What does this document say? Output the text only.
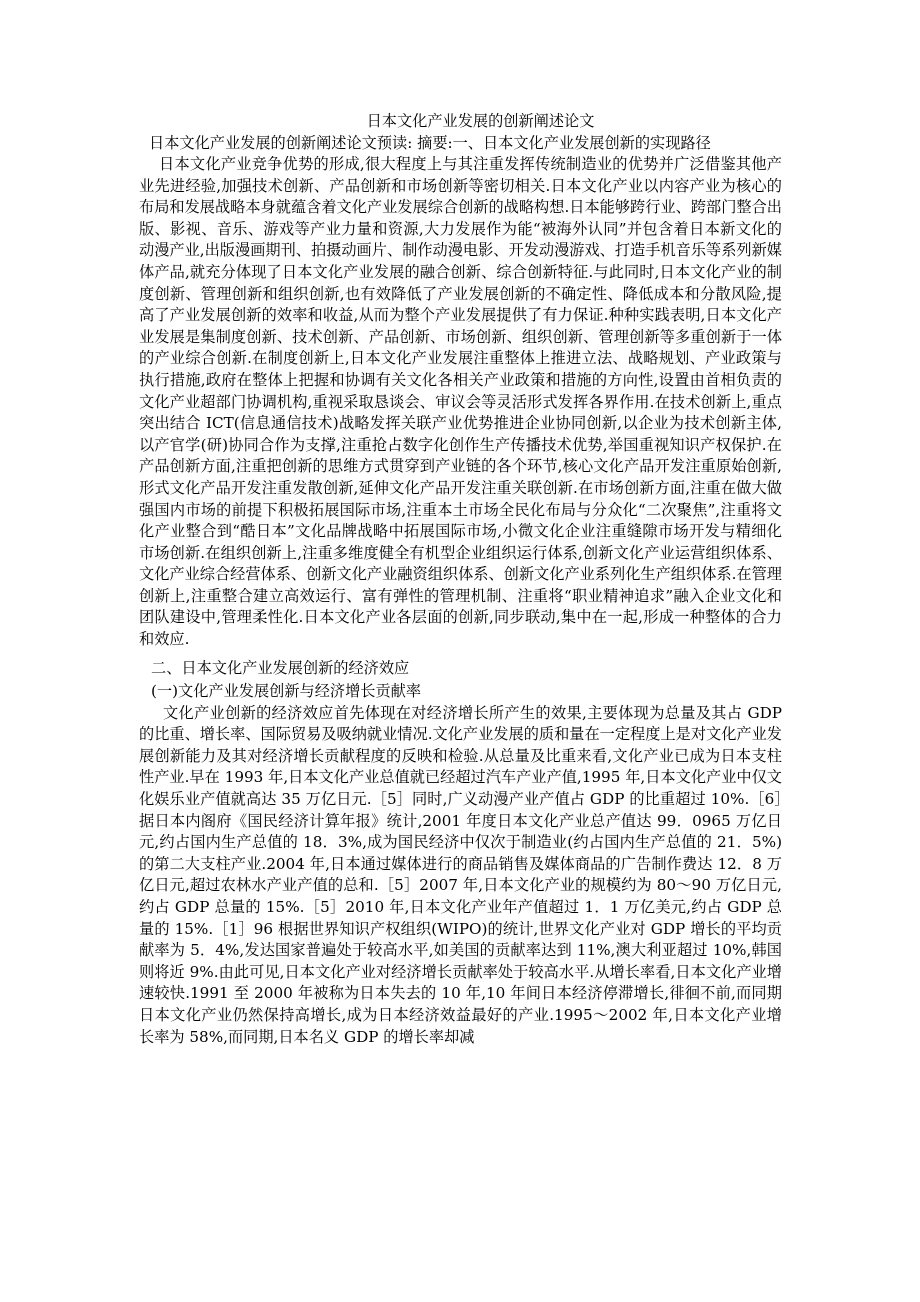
日本文化产业发展的创新阐述论文

日本文化产业发展的创新阐述论文预读: 摘要:一、日本文化产业发展创新的实现路径

日本文化产业竞争优势的形成,很大程度上与其注重发挥传统制造业的优势并广泛借鉴其他产业先进经验,加强技术创新、产品创新和市场创新等密切相关.日本文化产业以内容产业为核心的布局和发展战略本身就蕴含着文化产业发展综合创新的战略构想.日本能够跨行业、跨部门整合出版、影视、音乐、游戏等产业力量和资源,大力发展作为能“被海外认同”并包含着日本新文化的动漫产业,出版漫画期刊、拍摄动画片、制作动漫电影、开发动漫游戏、打造手机音乐等系列新媒体产品,就充分体现了日本文化产业发展的融合创新、综合创新特征.与此同时,日本文化产业的制度创新、管理创新和组织创新,也有效降低了产业发展创新的不确定性、降低成本和分散风险,提高了产业发展创新的效率和收益,从而为整个产业发展提供了有力保证.种种实践表明,日本文化产业发展是集制度创新、技术创新、产品创新、市场创新、组织创新、管理创新等多重创新于一体的产业综合创新.在制度创新上,日本文化产业发展注重整体上推进立法、战略规划、产业政策与执行措施,政府在整体上把握和协调有关文化各相关产业政策和措施的方向性,设置由首相负责的文化产业超部门协调机构,重视采取恳谈会、审议会等灵活形式发挥各界作用.在技术创新上,重点突出结合 ICT(信息通信技术)战略发挥关联产业优势推进企业协同创新,以企业为技术创新主体,以产官学(研)协同合作为支撑,注重抢占数字化创作生产传播技术优势,举国重视知识产权保护.在产品创新方面,注重把创新的思维方式贯穿到产业链的各个环节,核心文化产品开发注重原始创新,形式文化产品开发注重发散创新,延伸文化产品开发注重关联创新.在市场创新方面,注重在做大做强国内市场的前提下积极拓展国际市场,注重本土市场全民化布局与分众化“二次聚焦”,注重将文化产业整合到“酷日本”文化品牌战略中拓展国际市场,小微文化企业注重缝隙市场开发与精细化市场创新.在组织创新上,注重多维度健全有机型企业组织运行体系,创新文化产业运营组织体系、文化产业综合经营体系、创新文化产业融资组织体系、创新文化产业系列化生产组织体系.在管理创新上,注重整合建立高效运行、富有弹性的管理机制、注重将“职业精神追求”融入企业文化和团队建设中,管理柔性化.日本文化产业各层面的创新,同步联动,集中在一起,形成一种整体的合力和效应.

二、日本文化产业发展创新的经济效应

(一)文化产业发展创新与经济增长贡献率

文化产业创新的经济效应首先体现在对经济增长所产生的效果,主要体现为总量及其占 GDP 的比重、增长率、国际贸易及吸纳就业情况.文化产业发展的质和量在一定程度上是对文化产业发展创新能力及其对经济增长贡献程度的反映和检验.从总量及比重来看,文化产业已成为日本支柱性产业.早在 1993 年,日本文化产业总值就已经超过汽车产业产值,1995 年,日本文化产业中仅文化娱乐业产值就高达 35 万亿日元.［5］同时,广义动漫产业产值占 GDP 的比重超过 10%.［6］据日本内阁府《国民经济计算年报》统计,2001 年度日本文化产业总产值达 99．0965 万亿日元,约占国内生产总值的 18．3%,成为国民经济中仅次于制造业(约占国内生产总值的 21．5%)的第二大支柱产业.2004 年,日本通过媒体进行的商品销售及媒体商品的广告制作费达 12．8 万亿日元,超过农林水产业产值的总和.［5］2007 年,日本文化产业的规模约为 80～90 万亿日元,约占 GDP 总量的 15%.［5］2010 年,日本文化产业年产值超过 1．1 万亿美元,约占 GDP 总量的 15%.［1］96 根据世界知识产权组织(WIPO)的统计,世界文化产业对 GDP 增长的平均贡献率为 5．4%,发达国家普遍处于较高水平,如美国的贡献率达到 11%,澳大利亚超过 10%,韩国则将近 9%.由此可见,日本文化产业对经济增长贡献率处于较高水平.从增长率看,日本文化产业增速较快.1991 至 2000 年被称为日本失去的 10 年,10 年间日本经济停滞增长,徘徊不前,而同期日本文化产业仍然保持高增长,成为日本经济效益最好的产业.1995～2002 年,日本文化产业增长率为 58%,而同期,日本名义 GDP 的增长率却减
